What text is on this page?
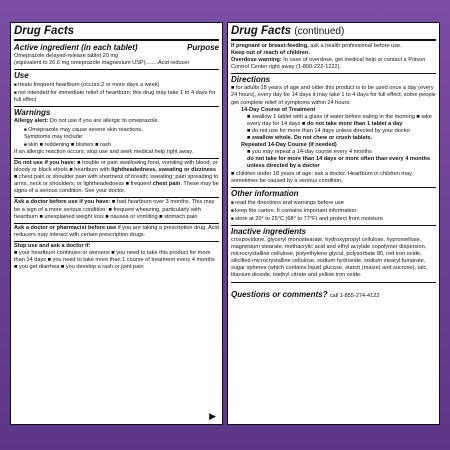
Drug Facts
Active ingredient (in each tablet)	Purpose

Omeprazole delayed-release tablet 20 mg

(equivalent to 20.6 mg omeprazole magnesium USP)........Acid reducer

Use

■ treats frequent heartburn (occurs 2 or more days a week)

■ not intended for immediate relief of heartburn; this drug may take 1 to 4 days for full effect

Warnings

Allergy alert: Do not use if you are allergic to omeprazole.

■ Omeprazole may cause severe skin reactions.

Symptoms may include:

■ skin ■ reddening ■ blisters ■ rash

If an allergic reaction occurs, stop use and seek medical help right away.

Do not use if you have: ■ trouble or pain swallowing food, vomiting with blood, or bloody or black stools ■ heartburn with lightheadedness, sweating or dizziness ■ chest pain or shoulder pain with shortness of breath; sweating; pain spreading to arms, neck or shoulders; or lightheadedness ■ frequent chest pain. These may be signs of a serious condition. See your doctor.

Ask a doctor before use if you have: ■ had heartburn over 3 months. This may be a sign of a more serious condition. ■ frequent wheezing, particularly with heartburn ■ unexplained weight loss ■ nausea or vomiting ■ stomach pain

Ask a doctor or pharmacist before use if you are taking a prescription drug. Acid reducers may interact with certain prescription drugs.

Stop use and ask a doctor if:

■ your heartburn continues or worsens ■ you need to take this product for more than 14 days ■ you need to take more than 1 course of treatment every 4 months ■ you get diarrhea ■ you develop a rash or joint pain

▶
Drug Facts (continued)

If pregnant or breast-feeding, ask a health professional before use.

Keep out of reach of children.

Overdose warning: In case of overdose, get medical help or contact a Poison Control Center right away (1-800-222-1222).

Directions

■ for adults 18 years of age and older this product is to be used once a day (every 24 hours), every day for 14 days it may take 1 to 4 days for full effect; some people get complete relief of symptoms within 24 hours.

14-Day Course of Treatment

■ swallow 1 tablet with a glass of water before eating in the morning ■ take every day for 14 days ■ do not take more than 1 tablet a day

■ do not use for more than 14 days unless directed by your doctor

■ swallow whole. Do not chew or crush tablets.

Repeated 14-Day Course (if needed)

■ you may repeat a 14-day course every 4 months

do not take for more than 14 days or more often than every 4 months unless directed by a doctor

■ children under 18 years of age: ask a doctor. Heartburn in children may sometimes be caused by a serious condition.

Other information

■ read the directions and warnings before use

■ keep the carton. It contains important information.

■ store at 20° to 25°C (68° to 77°F) and protect from moisture

Inactive ingredients

crospovidone, glyceryl monostearate, hydroxypropyl cellulose, hypromellose, magnesium stearate, methacrylic acid and ethyl acrylate copolymer dispersion, microcrystalline cellulose, polyethylene glycol, polysorbate 80, red iron oxide, silicified microcrystalline cellulose, sodium hydroxide, sodium stearyl fumarate, sugar spheres (which contains liquid glucose, starch (maize) and sucrose), talc, titanium dioxide, triethyl citrate and yellow iron oxide.

Questions or comments? call 1-855-274-4122
